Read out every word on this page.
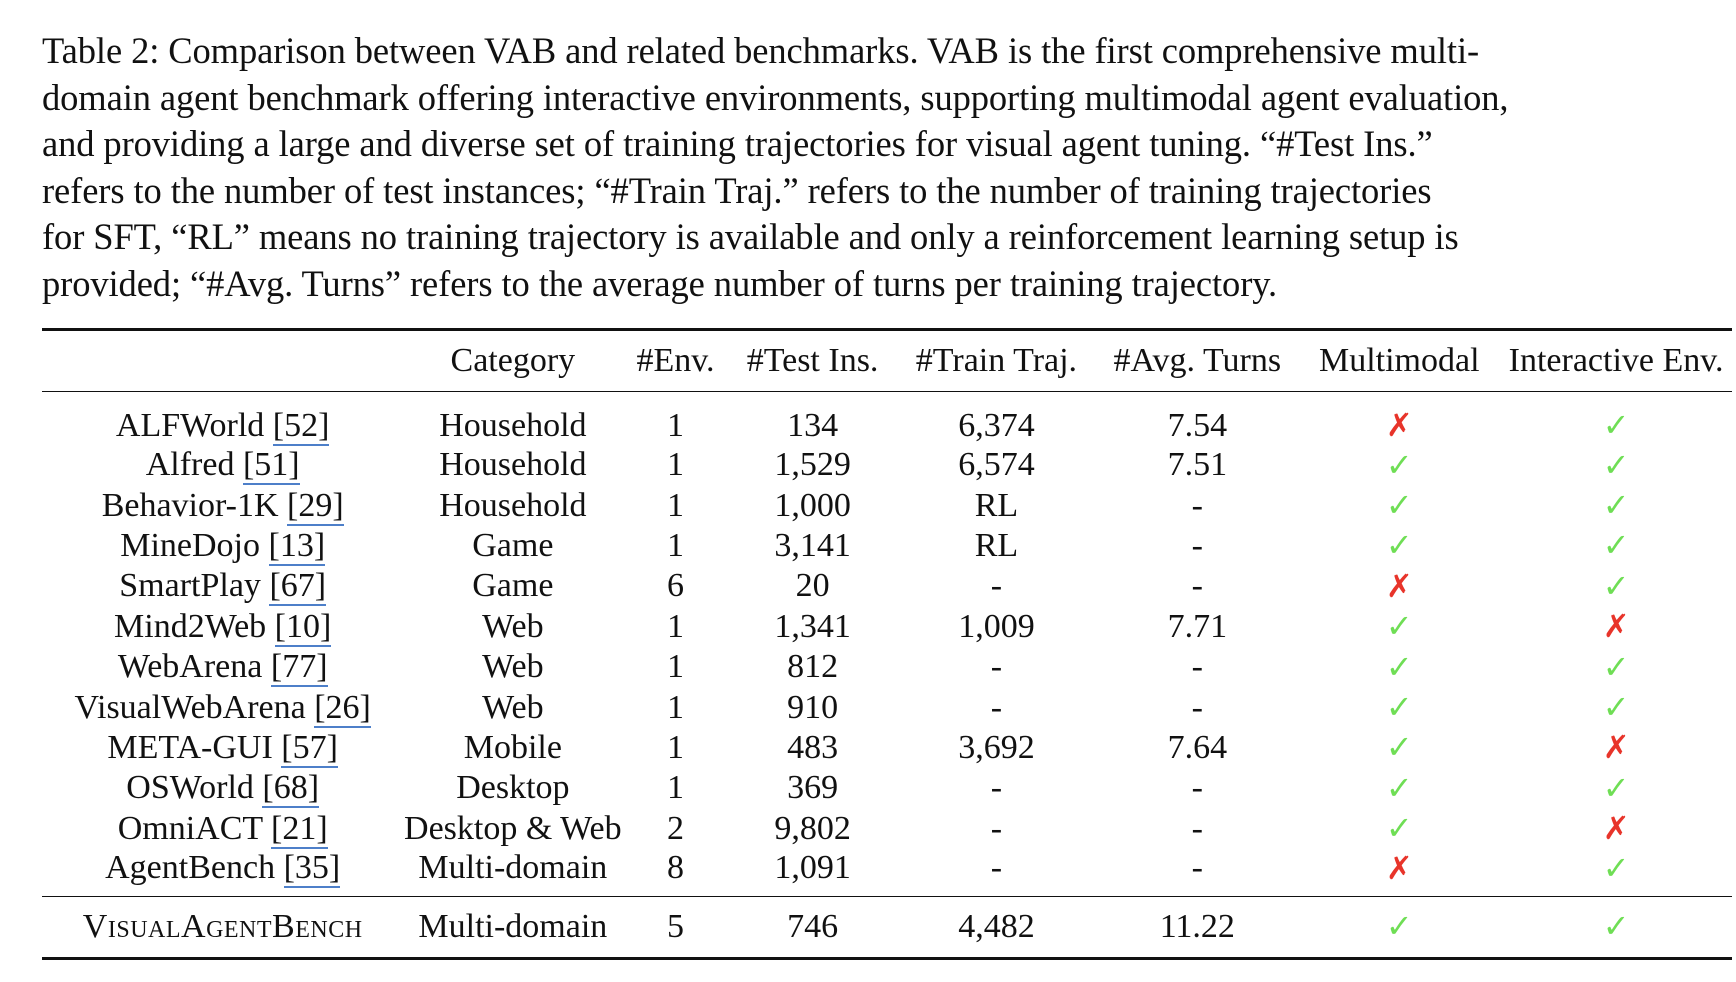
Table 2: Comparison between VAB and related benchmarks. VAB is the first comprehensive multi-
domain agent benchmark offering interactive environments, supporting multimodal agent evaluation,
and providing a large and diverse set of training trajectories for visual agent tuning. “#Test Ins.”
refers to the number of test instances; “#Train Traj.” refers to the number of training trajectories
for SFT, “RL” means no training trajectory is available and only a reinforcement learning setup is
provided; “#Avg. Turns” refers to the average number of turns per training trajectory.
	Category	#Env.	#Test Ins.	#Train Traj.	#Avg. Turns	Multimodal	Interactive Env.
ALFWorld [52]	Household	1	134	6,374	7.54	✗	✓
Alfred [51]	Household	1	1,529	6,574	7.51	✓	✓
Behavior-1K [29]	Household	1	1,000	RL	-	✓	✓
MineDojo [13]	Game	1	3,141	RL	-	✓	✓
SmartPlay [67]	Game	6	20	-	-	✗	✓
Mind2Web [10]	Web	1	1,341	1,009	7.71	✓	✗
WebArena [77]	Web	1	812	-	-	✓	✓
VisualWebArena [26]	Web	1	910	-	-	✓	✓
META-GUI [57]	Mobile	1	483	3,692	7.64	✓	✗
OSWorld [68]	Desktop	1	369	-	-	✓	✓
OmniACT [21]	Desktop & Web	2	9,802	-	-	✓	✗
AgentBench [35]	Multi-domain	8	1,091	-	-	✗	✓
VisualAgentBench	Multi-domain	5	746	4,482	11.22	✓	✓
